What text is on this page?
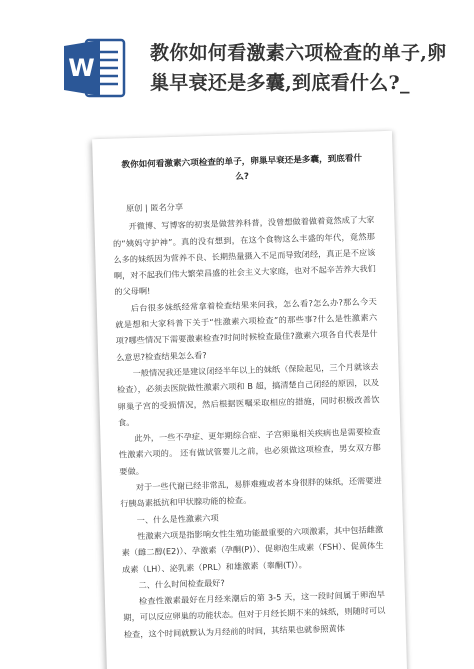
W
教你如何看激素六项检查的单子,卵巢早衰还是多囊,到底看什么?_
教你如何看激素六项检查的单子，卵巢早衰还是多囊，到底看什么?
原创 | 匿名分享

开微博、写博客的初衷是做营养科普，没曾想做着做着竟然成了大家的“姨妈守护神”。真的没有想到，在这个食物这么丰盛的年代，竟然那么多的妹纸因为营养不良、长期热量摄入不足而导致闭经，真正是不应该啊，对不起我们伟大繁荣昌盛的社会主义大家庭，也对不起辛苦养大我们的父母啊!

后台很多妹纸经常拿着检查结果来问我，怎么看?怎么办?那么今天就是想和大家科普下关于“性激素六项检查”的那些事?什么是性激素六项?哪些情况下需要激素检查?时间时候检查最佳?激素六项各自代表是什么意思?检查结果怎么看?

一般情况我还是建议闭经半年以上的妹纸（保险起见，三个月就该去检查），必须去医院做性激素六项和 B 超，搞清楚自己闭经的原因，以及卵巢子宫的受损情况，然后根据医嘱采取相应的措施，同时积极改善饮食。

此外，一些不孕症、更年期综合症、子宫卵巢相关疾病也是需要检查性激素六项的。 还有做试管婴儿之前，也必须做这项检查，男女双方都要做。

对于一些代谢已经非常乱，易胖难瘦或者本身很胖的妹纸，还需要进行胰岛素抵抗和甲状腺功能的检查。

一、什么是性激素六项

性激素六项是指影响女性生殖功能最重要的六项激素，其中包括雌激素（雌二醇(E2)）、孕激素（孕酮(P)）、促卵泡生成素（FSH）、促黄体生成素（LH）、泌乳素（PRL）和雄激素（睾酮(T)）。

二、什么时间检查最好?

检查性激素最好在月经来潮后的第 3-5 天，这一段时间属于卵泡早期，可以反应卵巢的功能状态。但对于月经长期不来的妹纸，则随时可以检查，这个时间就默认为月经前的时间，其结果也就参照黄体
